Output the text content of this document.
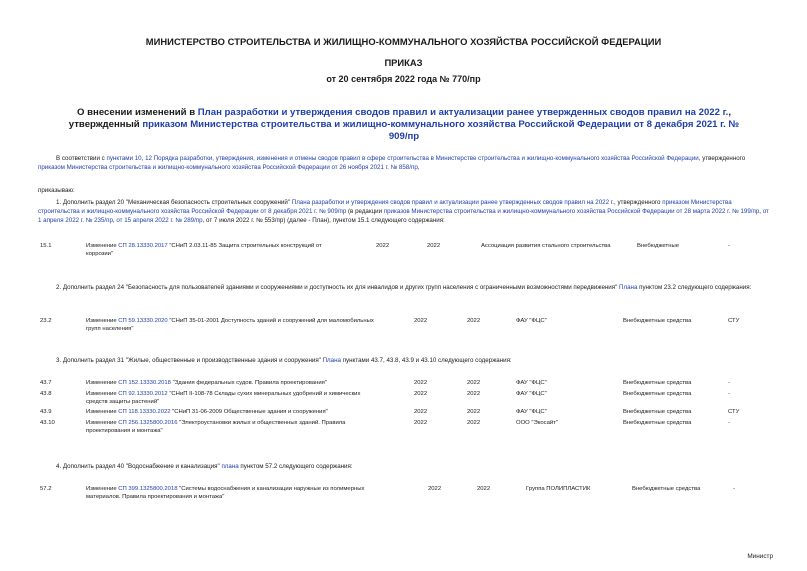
МИНИСТЕРСТВО СТРОИТЕЛЬСТВА И ЖИЛИЩНО-КОММУНАЛЬНОГО ХОЗЯЙСТВА РОССИЙСКОЙ ФЕДЕРАЦИИ
ПРИКАЗ
от 20 сентября 2022 года № 770/пр
О внесении изменений в План разработки и утверждения сводов правил и актуализации ранее утвержденных сводов правил на 2022 г., утвержденный приказом Министерства строительства и жилищно-коммунального хозяйства Российской Федерации от 8 декабря 2021 г. № 909/пр
В соответствии с пунктами 10, 12 Порядка разработки, утверждения, изменения и отмены сводов правил в сфере строительства в Министерстве строительства и жилищно-коммунального хозяйства Российской Федерации, утвержденного приказом Министерства строительства и жилищно-коммунального хозяйства Российской Федерации от 26 ноября 2021 г. № 858/пр,
приказываю:
1. Дополнить раздел 20 "Механическая безопасность строительных сооружений" Плана разработки и утверждения сводов правил и актуализации ранее утвержденных сводов правил на 2022 г., утвержденного приказом Министерства строительства и жилищно-коммунального хозяйства Российской Федерации от 8 декабря 2021 г. № 909/пр (в редакции приказов Министерства строительства и жилищно-коммунального хозяйства Российской Федерации от 28 марта 2022 г. № 199/пр, от 1 апреля 2022 г. № 235/пр, от 15 апреля 2022 г. № 289/пр, от 7 июля 2022 г. № 553/пр) (далее - План), пунктом 15.1 следующего содержания:
15.1	Изменение СП 28.13330.2017 "СНиП 2.03.11-85 Защита строительных конструкций от
коррозии"
2022	2022	Ассоциация развития стального строительства	Внебюджетные	-
2. Дополнить раздел 24 "Безопасность для пользователей зданиями и сооружениями и доступность их для инвалидов и других групп населения с ограниченными возможностями передвижения" Плана пунктом 23.2 следующего содержания:
23.2	Изменение СП 59.13330.2020 "СНиП 35-01-2001 Доступность зданий и сооружений для маломобильных
групп населения"
2022	2022	ФАУ "ФЦС"	Внебюджетные средства	СТУ
3. Дополнить раздел 31 "Жилые, общественные и производственные здания и сооружения" Плана пунктами 43.7, 43.8, 43.9 и 43.10 следующего содержания:
43.7	Изменение СП 152.13330.2018 "Здания федеральных судов. Правила проектирования"	2022	2022	ФАУ "ФЦС"	Внебюджетные средства	-
43.8	Изменение СП 92.13330.2012 "СНиП II-108-78 Склады сухих минеральных удобрений и химических
средств защиты растений"
2022	2022	ФАУ "ФЦС"	Внебюджетные средства	-
43.9	Изменение СП 118.13330.2022 "СНиП 31-06-2009 Общественные здания и сооружения"	2022	2022	ФАУ "ФЦС"	Внебюджетные средства	СТУ
43.10	Изменение СП 256.1325800.2016 "Электроустановки жилых и общественных зданий. Правила
проектирования и монтажа"
2022	2022	ООО "Экосайт"	Внебюджетные средства	-
4. Дополнить раздел 40 "Водоснабжение и канализация" плана пунктом 57.2 следующего содержания:
57.2	Изменение СП 399.1325800.2018 "Системы водоснабжения и канализации наружные из полимерных
материалов. Правила проектирования и монтажа"
2022	2022	Группа ПОЛИПЛАСТИК	Внебюджетные средства	-
Министр
